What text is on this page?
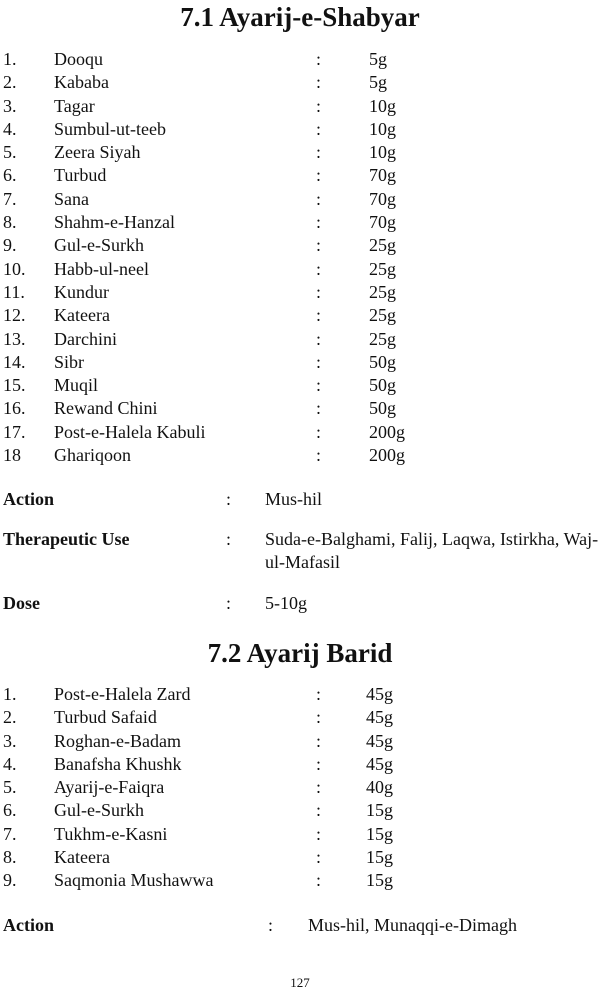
7.1 Ayarij-e-Shabyar
1. Dooqu	:	5g
2. Kababa	:	5g
3. Tagar	:	10g
4. Sumbul-ut-teeb	:	10g
5. Zeera Siyah	:	10g
6. Turbud	:	70g
7. Sana	:	70g
8. Shahm-e-Hanzal	:	70g
9. Gul-e-Surkh	:	25g
10. Habb-ul-neel	:	25g
11. Kundur	:	25g
12. Kateera	:	25g
13. Darchini	:	25g
14. Sibr	:	50g
15. Muqil	:	50g
16. Rewand Chini	:	50g
17. Post-e-Halela Kabuli	:	200g
18 Ghariqoon	:	200g
Action	: Mus-hil
Therapeutic Use	: Suda-e-Balghami, Falij, Laqwa, Istirkha, Waj-ul-Mafasil
Dose	: 5-10g
7.2 Ayarij Barid
1. Post-e-Halela Zard	: 45g
2. Turbud Safaid	: 45g
3. Roghan-e-Badam	: 45g
4. Banafsha Khushk	: 45g
5. Ayarij-e-Faiqra	: 40g
6. Gul-e-Surkh	: 15g
7. Tukhm-e-Kasni	: 15g
8. Kateera	: 15g
9. Saqmonia Mushawwa	: 15g
Action	: Mus-hil, Munaqqi-e-Dimagh
127
